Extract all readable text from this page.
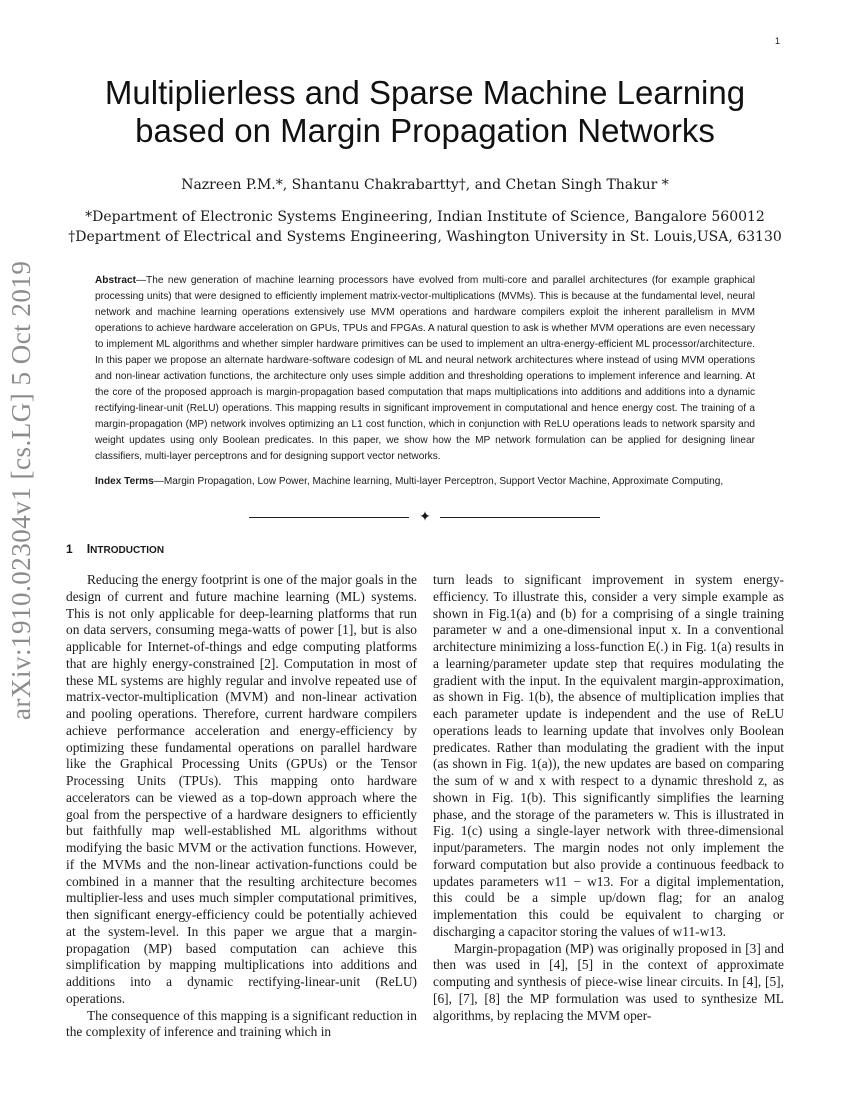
1
arXiv:1910.02304v1 [cs.LG] 5 Oct 2019
Multiplierless and Sparse Machine Learning
based on Margin Propagation Networks
Nazreen P.M.*, Shantanu Chakrabartty†, and Chetan Singh Thakur *
*Department of Electronic Systems Engineering, Indian Institute of Science, Bangalore 560012
†Department of Electrical and Systems Engineering, Washington University in St. Louis,USA, 63130

Abstract—The new generation of machine learning processors have evolved from multi-core and parallel architectures (for example graphical processing units) that were designed to efficiently implement matrix-vector-multiplications (MVMs). This is because at the fundamental level, neural network and machine learning operations extensively use MVM operations and hardware compilers exploit the inherent parallelism in MVM operations to achieve hardware acceleration on GPUs, TPUs and FPGAs. A natural question to ask is whether MVM operations are even necessary to implement ML algorithms and whether simpler hardware primitives can be used to implement an ultra-energy-efficient ML processor/architecture. In this paper we propose an alternate hardware-software codesign of ML and neural network architectures where instead of using MVM operations and non-linear activation functions, the architecture only uses simple addition and thresholding operations to implement inference and learning. At the core of the proposed approach is margin-propagation based computation that maps multiplications into additions and additions into a dynamic rectifying-linear-unit (ReLU) operations. This mapping results in significant improvement in computational and hence energy cost. The training of a margin-propagation (MP) network involves optimizing an L1 cost function, which in conjunction with ReLU operations leads to network sparsity and weight updates using only Boolean predicates. In this paper, we show how the MP network formulation can be applied for designing linear classifiers, multi-layer perceptrons and for designing support vector networks.

Index Terms—Margin Propagation, Low Power, Machine learning, Multi-layer Perceptron, Support Vector Machine, Approximate Computing,

✦
1 INTRODUCTION

Reducing the energy footprint is one of the major goals in the design of current and future machine learning (ML) systems. This is not only applicable for deep-learning platforms that run on data servers, consuming mega-watts of power [1], but is also applicable for Internet-of-things and edge computing platforms that are highly energy-constrained [2]. Computation in most of these ML systems are highly regular and involve repeated use of matrix-vector-multiplication (MVM) and non-linear activation and pooling operations. Therefore, current hardware compilers achieve performance acceleration and energy-efficiency by optimizing these fundamental operations on parallel hardware like the Graphical Processing Units (GPUs) or the Tensor Processing Units (TPUs). This mapping onto hardware accelerators can be viewed as a top-down approach where the goal from the perspective of a hardware designers to efficiently but faithfully map well-established ML algorithms without modifying the basic MVM or the activation functions. However, if the MVMs and the non-linear activation-functions could be combined in a manner that the resulting architecture becomes multiplier-less and uses much simpler computational primitives, then significant energy-efficiency could be potentially achieved at the system-level. In this paper we argue that a margin-propagation (MP) based computation can achieve this simplification by mapping multiplications into additions and additions into a dynamic rectifying-linear-unit (ReLU) operations.

The consequence of this mapping is a significant reduction in the complexity of inference and training which in

turn leads to significant improvement in system energy-efficiency. To illustrate this, consider a very simple example as shown in Fig.1(a) and (b) for a comprising of a single training parameter w and a one-dimensional input x. In a conventional architecture minimizing a loss-function E(.) in Fig. 1(a) results in a learning/parameter update step that requires modulating the gradient with the input. In the equivalent margin-approximation, as shown in Fig. 1(b), the absence of multiplication implies that each parameter update is independent and the use of ReLU operations leads to learning update that involves only Boolean predicates. Rather than modulating the gradient with the input (as shown in Fig. 1(a)), the new updates are based on comparing the sum of w and x with respect to a dynamic threshold z, as shown in Fig. 1(b). This significantly simplifies the learning phase, and the storage of the parameters w. This is illustrated in Fig. 1(c) using a single-layer network with three-dimensional input/parameters. The margin nodes not only implement the forward computation but also provide a continuous feedback to updates parameters w11 − w13. For a digital implementation, this could be a simple up/down flag; for an analog implementation this could be equivalent to charging or discharging a capacitor storing the values of w11-w13.

Margin-propagation (MP) was originally proposed in [3] and then was used in [4], [5] in the context of approximate computing and synthesis of piece-wise linear circuits. In [4], [5], [6], [7], [8] the MP formulation was used to synthesize ML algorithms, by replacing the MVM oper-
